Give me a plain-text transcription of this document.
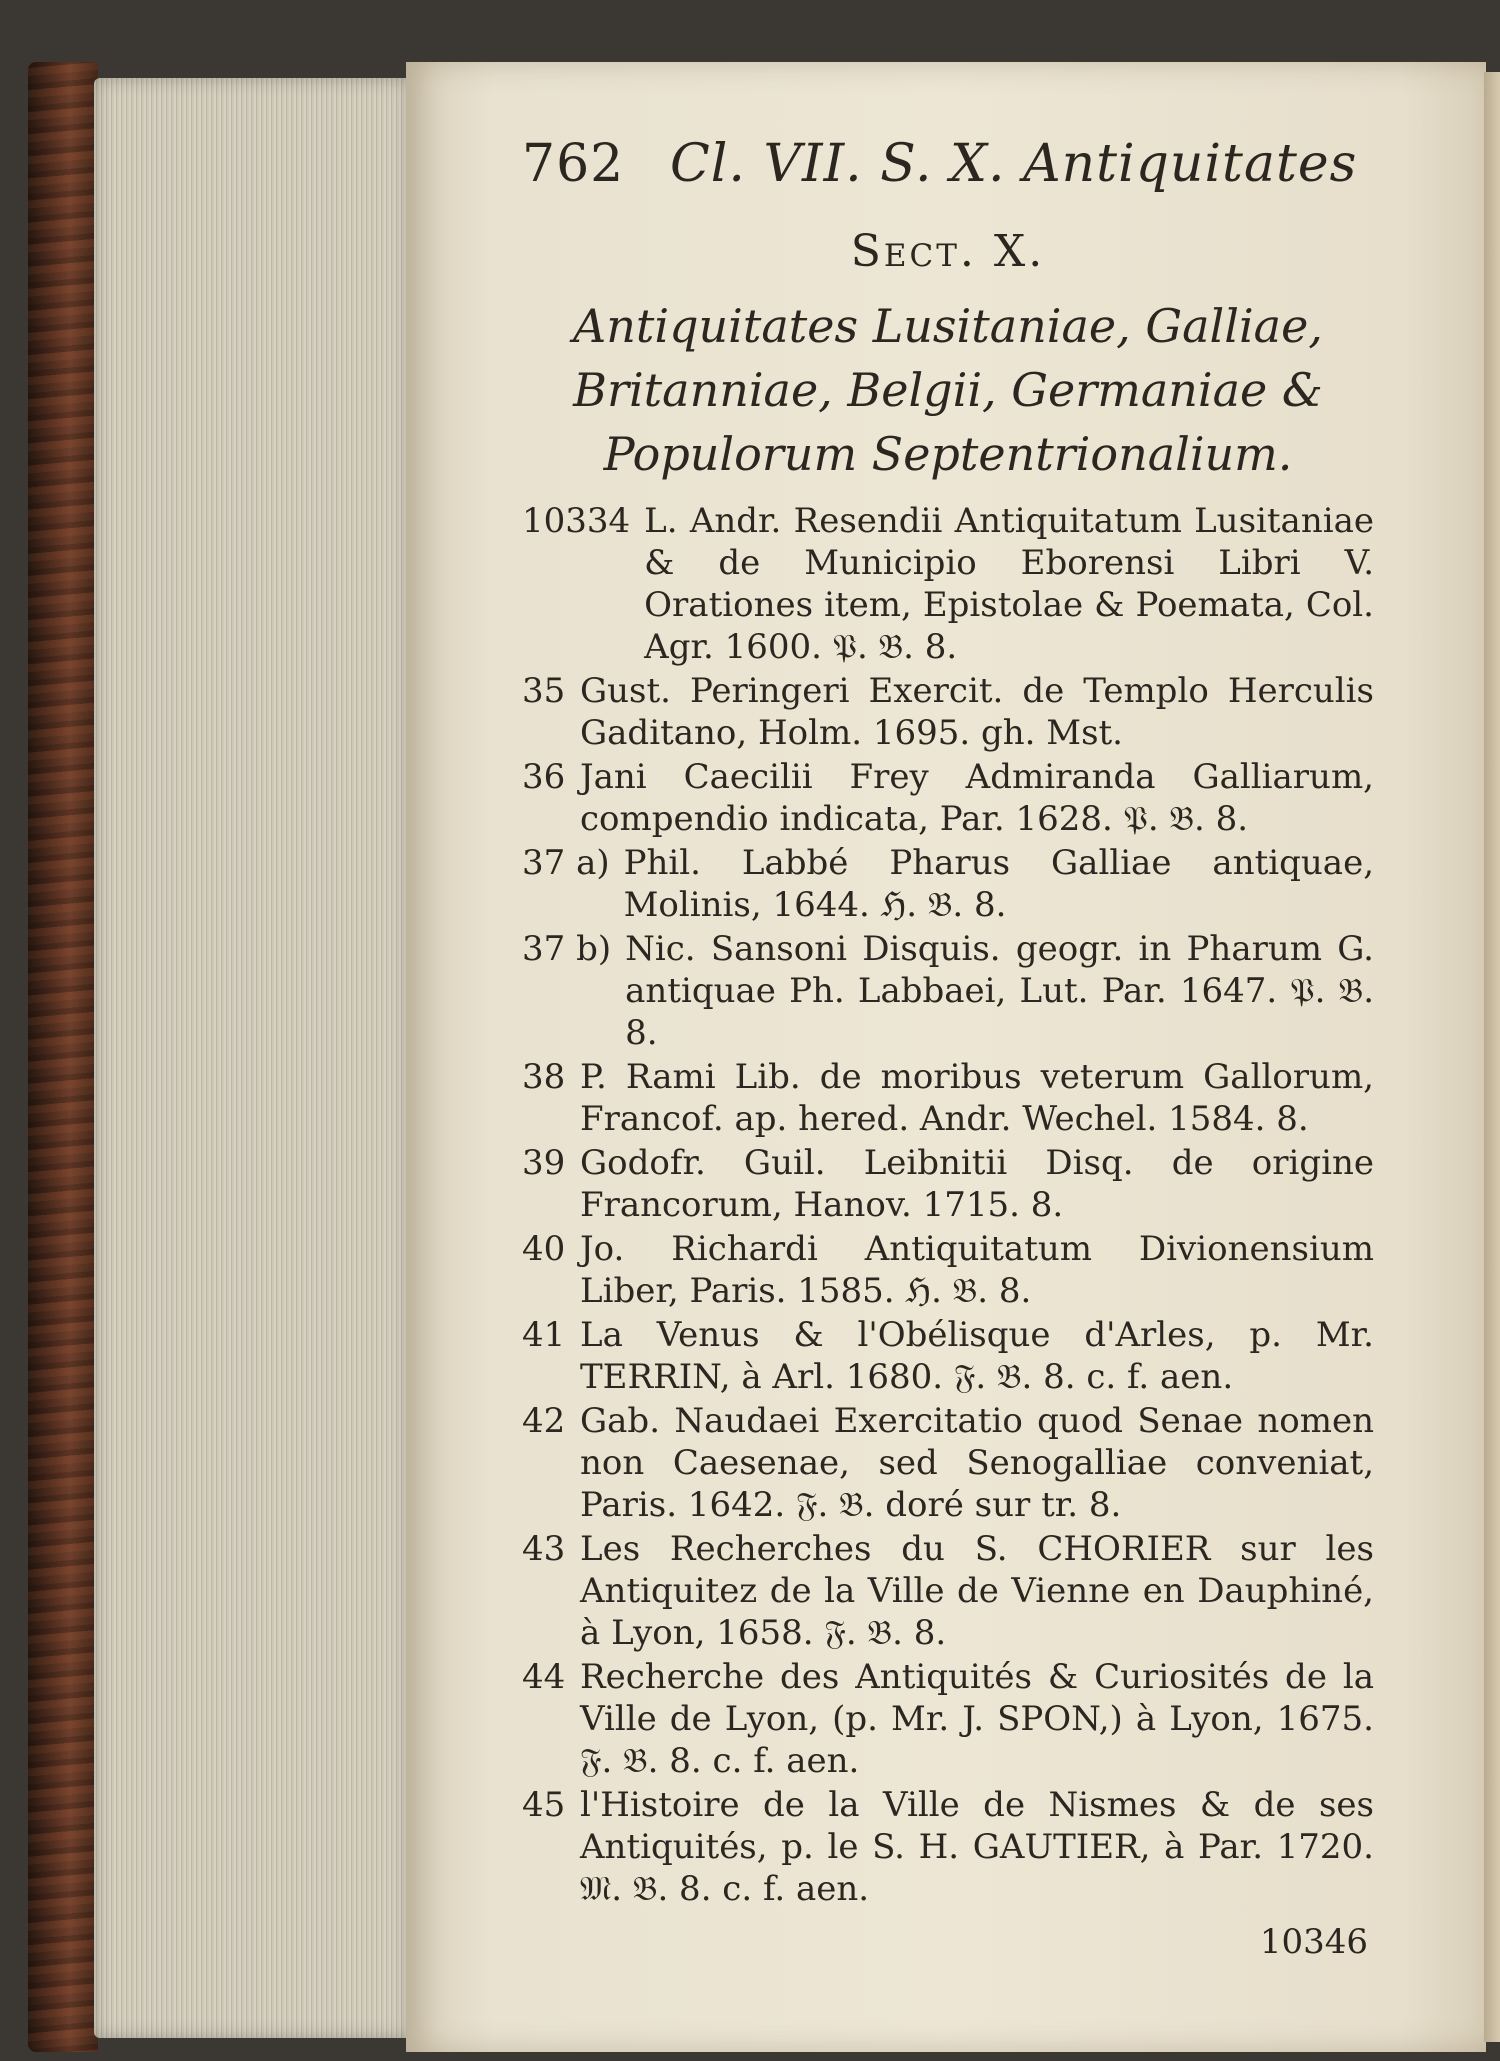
762 Cl. VII. S. X. Antiquitates
Sect. X.
Antiquitates Lusitaniae, Galliae, Britanniae, Belgii, Germaniae & Populorum Septentrionalium.
10334 L. Andr. Resendii Antiquitatum Lusitaniae & de Municipio Eborensi Libri V. Orationes item, Epistolae & Poemata, Col. Agr. 1600. 𝔓. 𝔅. 8.
35 Gust. Peringeri Exercit. de Templo Herculis Gaditano, Holm. 1695. gh. Mst.
36 Jani Caecilii Frey Admiranda Galliarum, compendio indicata, Par. 1628. 𝔓. 𝔅. 8.
37 a) Phil. Labbé Pharus Galliae antiquae, Molinis, 1644. ℌ. 𝔅. 8.
37 b) Nic. Sansoni Disquis. geogr. in Pharum G. antiquae Ph. Labbaei, Lut. Par. 1647. 𝔓. 𝔅. 8.
38 P. Rami Lib. de moribus veterum Gallorum, Francof. ap. hered. Andr. Wechel. 1584. 8.
39 Godofr. Guil. Leibnitii Disq. de origine Francorum, Hanov. 1715. 8.
40 Jo. Richardi Antiquitatum Divionensium Liber, Paris. 1585. ℌ. 𝔅. 8.
41 La Venus & l'Obélisque d'Arles, p. Mr. TERRIN, à Arl. 1680. 𝔉. 𝔅. 8. c. f. aen.
42 Gab. Naudaei Exercitatio quod Senae nomen non Caesenae, sed Senogalliae conveniat, Paris. 1642. 𝔉. 𝔅. doré sur tr. 8.
43 Les Recherches du S. CHORIER sur les Antiquitez de la Ville de Vienne en Dauphiné, à Lyon, 1658. 𝔉. 𝔅. 8.
44 Recherche des Antiquités & Curiosités de la Ville de Lyon, (p. Mr. J. SPON,) à Lyon, 1675. 𝔉. 𝔅. 8. c. f. aen.
45 l'Histoire de la Ville de Nismes & de ses Antiquités, p. le S. H. GAUTIER, à Par. 1720. 𝔐. 𝔅. 8. c. f. aen.
10346
